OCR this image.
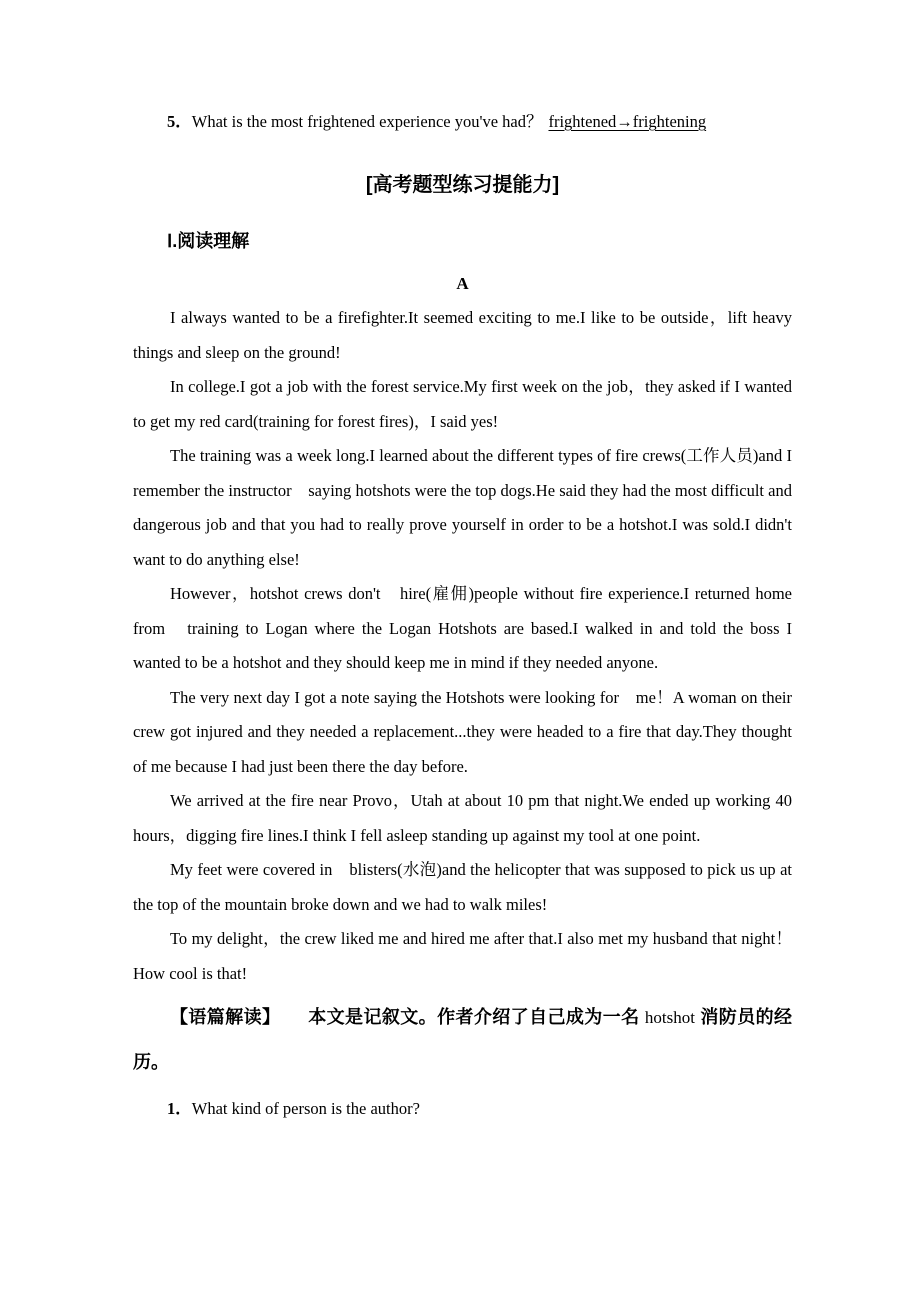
5．What is the most frightened experience you've had？ frightened→frightening

[高考题型练习提能力]
Ⅰ.阅读理解
A

I always wanted to be a firefighter.It seemed exciting to me.I like to be outside，lift heavy things and sleep on the ground!

In college.I got a job with the forest service.My first week on the job，they asked if I wanted to get my red card(training for forest fires)，I said yes!

The training was a week long.I learned about the different types of fire crews(工作人员)and I remember the instructor　saying hotshots were the top dogs.He said they had the most difficult and dangerous job and that you had to really prove yourself in order to be a hotshot.I was sold.I didn't want to do anything else!

However，hotshot crews don't　hire(雇佣)people without fire experience.I returned home from　training to Logan where the Logan Hotshots are based.I walked in and told the boss I wanted to be a hotshot and they should keep me in mind if they needed anyone.

The very next day I got a note saying the Hotshots were looking for　me！A woman on their crew got injured and they needed a replacement...they were headed to a fire that day.They thought of me because I had just been there the day before.

We arrived at the fire near Provo，Utah at about 10 pm that night.We ended up working 40 hours，digging fire lines.I think I fell asleep standing up against my tool at one point.

My feet were covered in　blisters(水泡)and the helicopter that was supposed to pick us up at the top of the mountain broke down and we had to walk miles!

To my delight，the crew liked me and hired me after that.I also met my husband that night！How cool is that!

【语篇解读】　　本文是记叙文。作者介绍了自己成为一名 hotshot 消防员的经历。

1．What kind of person is the author?
